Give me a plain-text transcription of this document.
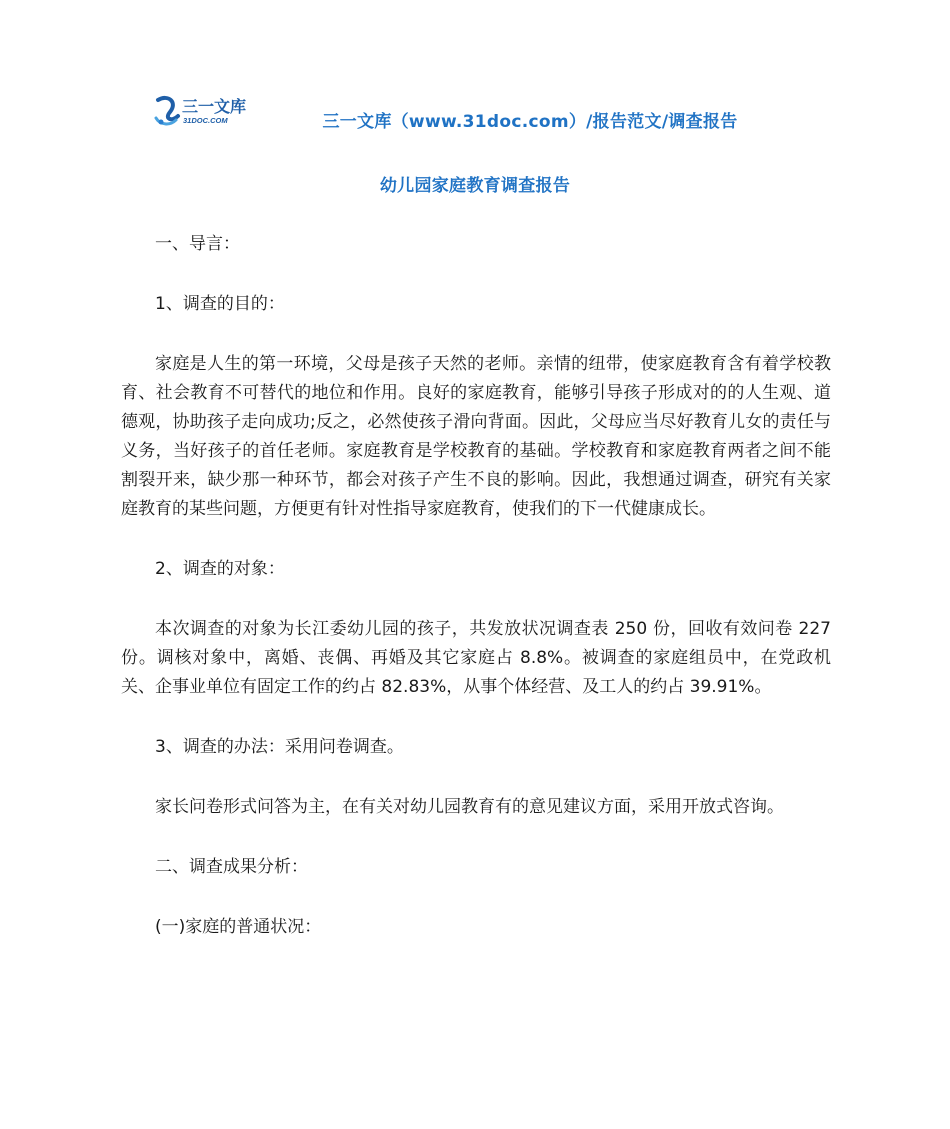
三一文库
31DOC.COM	三一文库（www.31doc.com）/报告范文/调查报告
幼儿园家庭教育调查报告

一、导言：

1、调查的目的：

家庭是人生的第一环境，父母是孩子天然的老师。亲情的纽带，使家庭教育含有着学校教育、社会教育不可替代的地位和作用。良好的家庭教育，能够引导孩子形成对的的人生观、道德观，协助孩子走向成功;反之，必然使孩子滑向背面。因此，父母应当尽好教育儿女的责任与义务，当好孩子的首任老师。家庭教育是学校教育的基础。学校教育和家庭教育两者之间不能割裂开来，缺少那一种环节，都会对孩子产生不良的影响。因此，我想通过调查，研究有关家庭教育的某些问题，方便更有针对性指导家庭教育，使我们的下一代健康成长。

2、调查的对象：

本次调查的对象为长江委幼儿园的孩子，共发放状况调查表 250 份，回收有效问卷 227 份。调核对象中，离婚、丧偶、再婚及其它家庭占 8.8%。被调查的家庭组员中，在党政机关、企事业单位有固定工作的约占 82.83%，从事个体经营、及工人的约占 39.91%。

3、调查的办法：采用问卷调查。

家长问卷形式问答为主，在有关对幼儿园教育有的意见建议方面，采用开放式咨询。

二、调查成果分析：

(一)家庭的普通状况：
